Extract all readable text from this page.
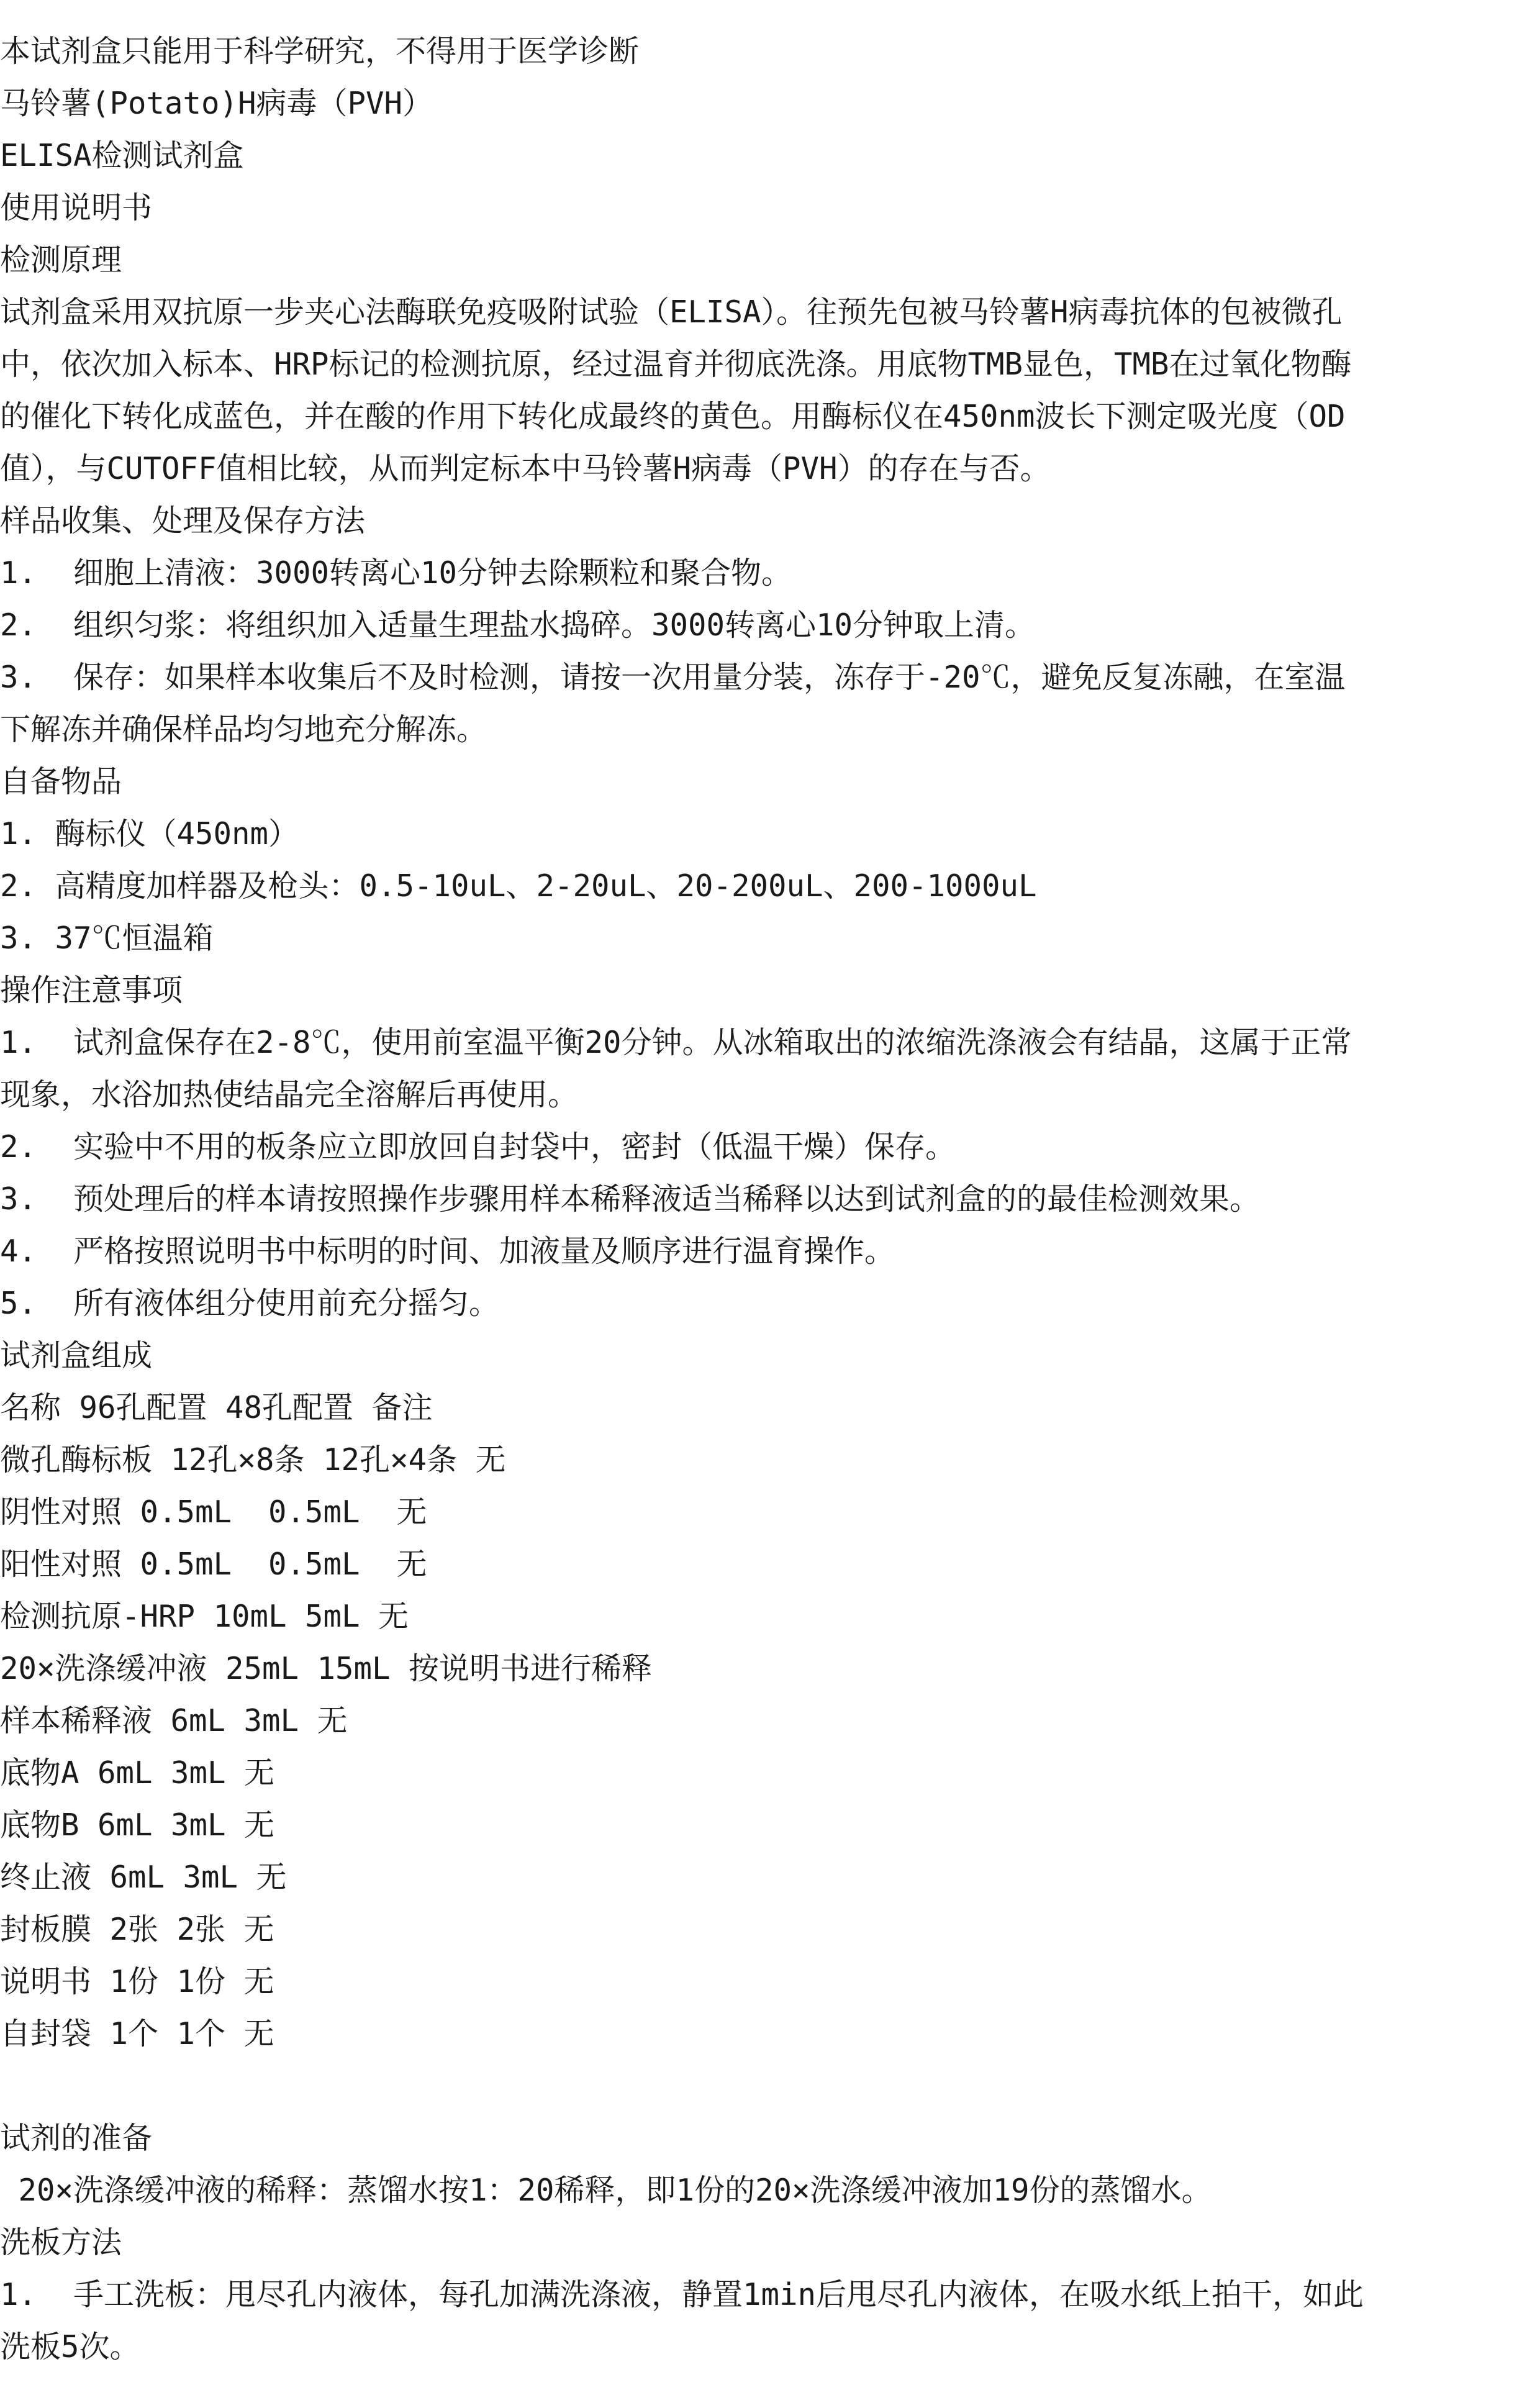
本试剂盒只能用于科学研究，不得用于医学诊断
马铃薯(Potato)H病毒（PVH）
ELISA检测试剂盒
使用说明书
检测原理
试剂盒采用双抗原一步夹心法酶联免疫吸附试验（ELISA）。往预先包被马铃薯H病毒抗体的包被微孔
中，依次加入标本、HRP标记的检测抗原，经过温育并彻底洗涤。用底物TMB显色，TMB在过氧化物酶
的催化下转化成蓝色，并在酸的作用下转化成最终的黄色。用酶标仪在450nm波长下测定吸光度（OD
值），与CUTOFF值相比较，从而判定标本中马铃薯H病毒（PVH）的存在与否。
样品收集、处理及保存方法
1.  细胞上清液：3000转离心10分钟去除颗粒和聚合物。
2.  组织匀浆：将组织加入适量生理盐水捣碎。3000转离心10分钟取上清。
3.  保存：如果样本收集后不及时检测，请按一次用量分装，冻存于-20℃，避免反复冻融，在室温
下解冻并确保样品均匀地充分解冻。
自备物品
1. 酶标仪（450nm）
2. 高精度加样器及枪头：0.5-10uL、2-20uL、20-200uL、200-1000uL
3. 37℃恒温箱
操作注意事项
1.  试剂盒保存在2-8℃，使用前室温平衡20分钟。从冰箱取出的浓缩洗涤液会有结晶，这属于正常
现象，水浴加热使结晶完全溶解后再使用。
2.  实验中不用的板条应立即放回自封袋中，密封（低温干燥）保存。
3.  预处理后的样本请按照操作步骤用样本稀释液适当稀释以达到试剂盒的的最佳检测效果。
4.  严格按照说明书中标明的时间、加液量及顺序进行温育操作。
5.  所有液体组分使用前充分摇匀。
试剂盒组成
名称 96孔配置 48孔配置 备注
微孔酶标板 12孔×8条 12孔×4条 无
阴性对照 0.5mL  0.5mL  无
阳性对照 0.5mL  0.5mL  无
检测抗原-HRP 10mL 5mL 无
20×洗涤缓冲液 25mL 15mL 按说明书进行稀释
样本稀释液 6mL 3mL 无
底物A 6mL 3mL 无
底物B 6mL 3mL 无
终止液 6mL 3mL 无
封板膜 2张 2张 无
说明书 1份 1份 无
自封袋 1个 1个 无
试剂的准备
20×洗涤缓冲液的稀释：蒸馏水按1：20稀释，即1份的20×洗涤缓冲液加19份的蒸馏水。
洗板方法
1.  手工洗板：甩尽孔内液体，每孔加满洗涤液，静置1min后甩尽孔内液体，在吸水纸上拍干，如此
洗板5次。
